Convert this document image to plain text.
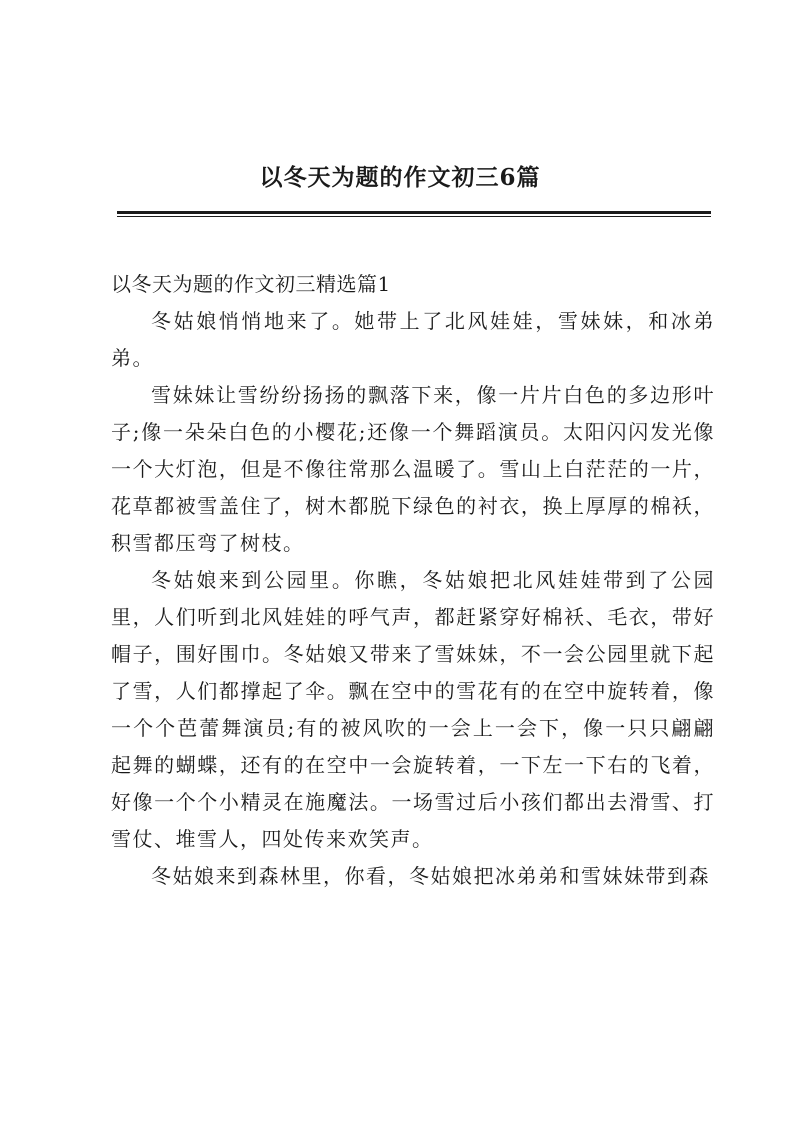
以冬天为题的作文初三6篇

以冬天为题的作文初三精选篇1

冬姑娘悄悄地来了。她带上了北风娃娃，雪妹妹，和冰弟弟。

雪妹妹让雪纷纷扬扬的飘落下来，像一片片白色的多边形叶子;像一朵朵白色的小樱花;还像一个舞蹈演员。太阳闪闪发光像一个大灯泡，但是不像往常那么温暖了。雪山上白茫茫的一片，花草都被雪盖住了，树木都脱下绿色的衬衣，换上厚厚的棉袄，积雪都压弯了树枝。

冬姑娘来到公园里。你瞧，冬姑娘把北风娃娃带到了公园里，人们听到北风娃娃的呼气声，都赶紧穿好棉袄、毛衣，带好帽子，围好围巾。冬姑娘又带来了雪妹妹，不一会公园里就下起了雪，人们都撑起了伞。飘在空中的雪花有的在空中旋转着，像一个个芭蕾舞演员;有的被风吹的一会上一会下，像一只只翩翩起舞的蝴蝶，还有的在空中一会旋转着，一下左一下右的飞着，好像一个个小精灵在施魔法。一场雪过后小孩们都出去滑雪、打雪仗、堆雪人，四处传来欢笑声。

冬姑娘来到森林里，你看，冬姑娘把冰弟弟和雪妹妹带到森
